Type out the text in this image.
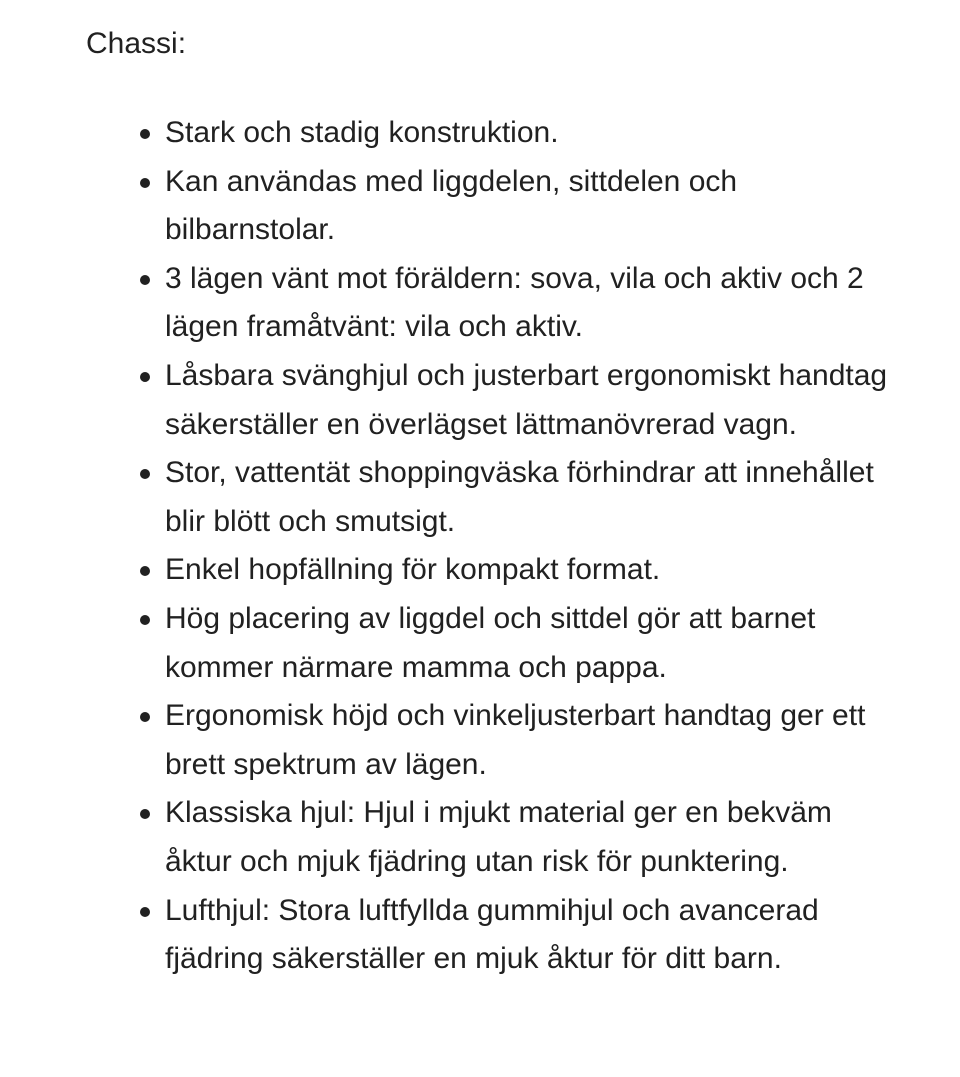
Chassi:

Stark och stadig konstruktion.
Kan användas med liggdelen, sittdelen och bilbarnstolar.
3 lägen vänt mot föräldern: sova, vila och aktiv och 2 lägen framåtvänt: vila och aktiv.
Låsbara svänghjul och justerbart ergonomiskt handtag säkerställer en överlägset lättmanövrerad vagn.
Stor, vattentät shoppingväska förhindrar att innehållet blir blött och smutsigt.
Enkel hopfällning för kompakt format.
Hög placering av liggdel och sittdel gör att barnet kommer närmare mamma och pappa.
Ergonomisk höjd och vinkeljusterbart handtag ger ett brett spektrum av lägen.
Klassiska hjul: Hjul i mjukt material ger en bekväm åktur och mjuk fjädring utan risk för punktering.
Lufthjul: Stora luftfyllda gummihjul och avancerad fjädring säkerställer en mjuk åktur för ditt barn.
